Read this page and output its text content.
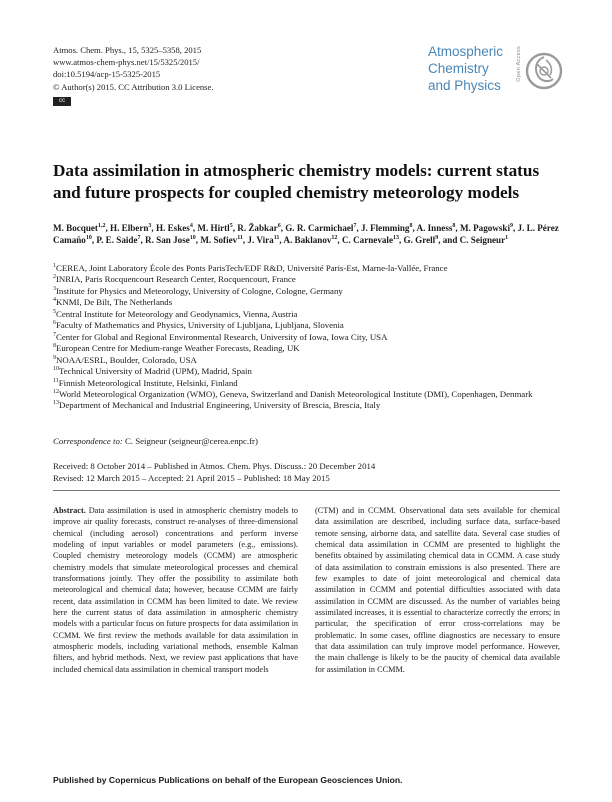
Atmos. Chem. Phys., 15, 5325–5358, 2015
www.atmos-chem-phys.net/15/5325/2015/
doi:10.5194/acp-15-5325-2015
© Author(s) 2015. CC Attribution 3.0 License.
cc
Atmospheric
Chemistry
and Physics
Open Access
Data assimilation in atmospheric chemistry models: current status and future prospects for coupled chemistry meteorology models
M. Bocquet$^{1,2}$, H. Elbern$^3$, H. Eskes$^4$, M. Hirtl$^5$, R. Žabkar$^6$, G. R. Carmichael$^7$, J. Flemming$^8$, A. Inness$^8$, M. Pagowski$^9$, J. L. Pérez Camaño$^{10}$, P. E. Saide$^7$, R. San Jose$^{10}$, M. Sofiev$^{11}$, J. Vira$^{11}$, A. Baklanov$^{12}$, C. Carnevale$^{13}$, G. Grell$^9$, and C. Seigneur$^1$
$^1$CEREA, Joint Laboratory École des Ponts ParisTech/EDF R&D, Université Paris-Est, Marne-la-Vallée, France
$^2$INRIA, Paris Rocquencourt Research Center, Rocquencourt, France
$^3$Institute for Physics and Meteorology, University of Cologne, Cologne, Germany
$^4$KNMI, De Bilt, The Netherlands
$^5$Central Institute for Meteorology and Geodynamics, Vienna, Austria
$^6$Faculty of Mathematics and Physics, University of Ljubljana, Ljubljana, Slovenia
$^7$Center for Global and Regional Environmental Research, University of Iowa, Iowa City, USA
$^8$European Centre for Medium-range Weather Forecasts, Reading, UK
$^9$NOAA/ESRL, Boulder, Colorado, USA
$^{10}$Technical University of Madrid (UPM), Madrid, Spain
$^{11}$Finnish Meteorological Institute, Helsinki, Finland
$^{12}$World Meteorological Organization (WMO), Geneva, Switzerland and Danish Meteorological Institute (DMI), Copenhagen, Denmark
$^{13}$Department of Mechanical and Industrial Engineering, University of Brescia, Brescia, Italy
Correspondence to: C. Seigneur (seigneur@cerea.enpc.fr)
Received: 8 October 2014 – Published in Atmos. Chem. Phys. Discuss.: 20 December 2014
Revised: 12 March 2015 – Accepted: 21 April 2015 – Published: 18 May 2015
Abstract. Data assimilation is used in atmospheric chemistry models to improve air quality forecasts, construct re-analyses of three-dimensional chemical (including aerosol) concentrations and perform inverse modeling of input variables or model parameters (e.g., emissions). Coupled chemistry meteorology models (CCMM) are atmospheric chemistry models that simulate meteorological processes and chemical transformations jointly. They offer the possibility to assimilate both meteorological and chemical data; however, because CCMM are fairly recent, data assimilation in CCMM has been limited to date. We review here the current status of data assimilation in atmospheric chemistry models with a particular focus on future prospects for data assimilation in CCMM. We first review the methods available for data assimilation in atmospheric models, including variational methods, ensemble Kalman filters, and hybrid methods. Next, we review past applications that have included chemical data assimilation in chemical transport models
(CTM) and in CCMM. Observational data sets available for chemical data assimilation are described, including surface data, surface-based remote sensing, airborne data, and satellite data. Several case studies of chemical data assimilation in CCMM are presented to highlight the benefits obtained by assimilating chemical data in CCMM. A case study of data assimilation to constrain emissions is also presented. There are few examples to date of joint meteorological and chemical data assimilation in CCMM and potential difficulties associated with data assimilation in CCMM are discussed. As the number of variables being assimilated increases, it is essential to characterize correctly the errors; in particular, the specification of error cross-correlations may be problematic. In some cases, offline diagnostics are necessary to ensure that data assimilation can truly improve model performance. However, the main challenge is likely to be the paucity of chemical data available for assimilation in CCMM.
Published by Copernicus Publications on behalf of the European Geosciences Union.
